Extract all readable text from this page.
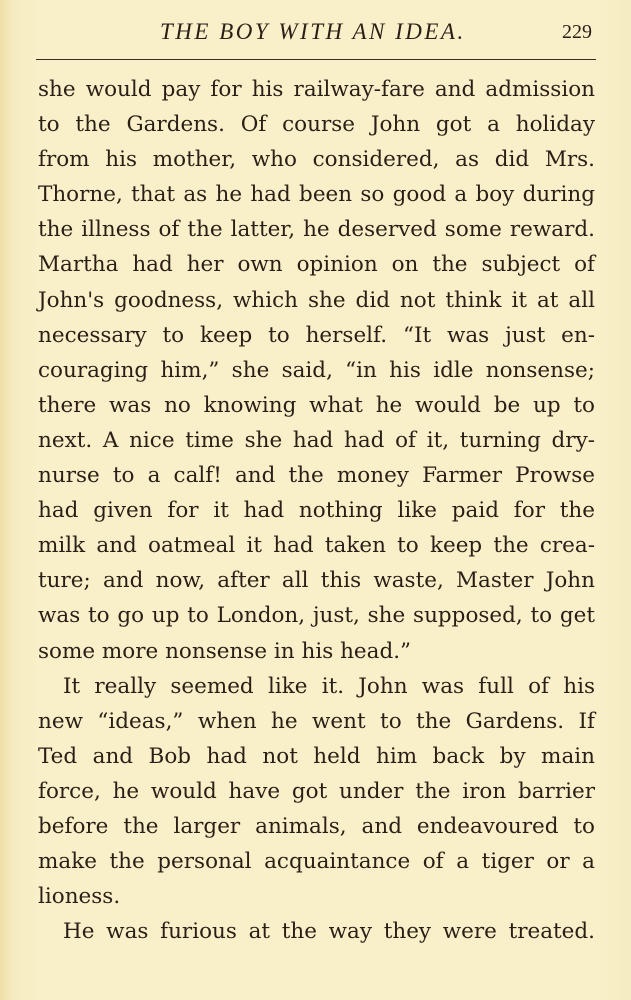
THE BOY WITH AN IDEA.	229
she would pay for his railway-fare and admission
to the Gardens. Of course John got a holiday
from his mother, who considered, as did Mrs.
Thorne, that as he had been so good a boy during
the illness of the latter, he deserved some reward.
Martha had her own opinion on the subject of
John's goodness, which she did not think it at all
necessary to keep to herself. “It was just en-
couraging him,” she said, “in his idle nonsense;
there was no knowing what he would be up to
next. A nice time she had had of it, turning dry-
nurse to a calf! and the money Farmer Prowse
had given for it had nothing like paid for the
milk and oatmeal it had taken to keep the crea-
ture; and now, after all this waste, Master John
was to go up to London, just, she supposed, to get
some more nonsense in his head.”
It really seemed like it. John was full of his
new “ideas,” when he went to the Gardens. If
Ted and Bob had not held him back by main
force, he would have got under the iron barrier
before the larger animals, and endeavoured to
make the personal acquaintance of a tiger or a
lioness.
He was furious at the way they were treated.
